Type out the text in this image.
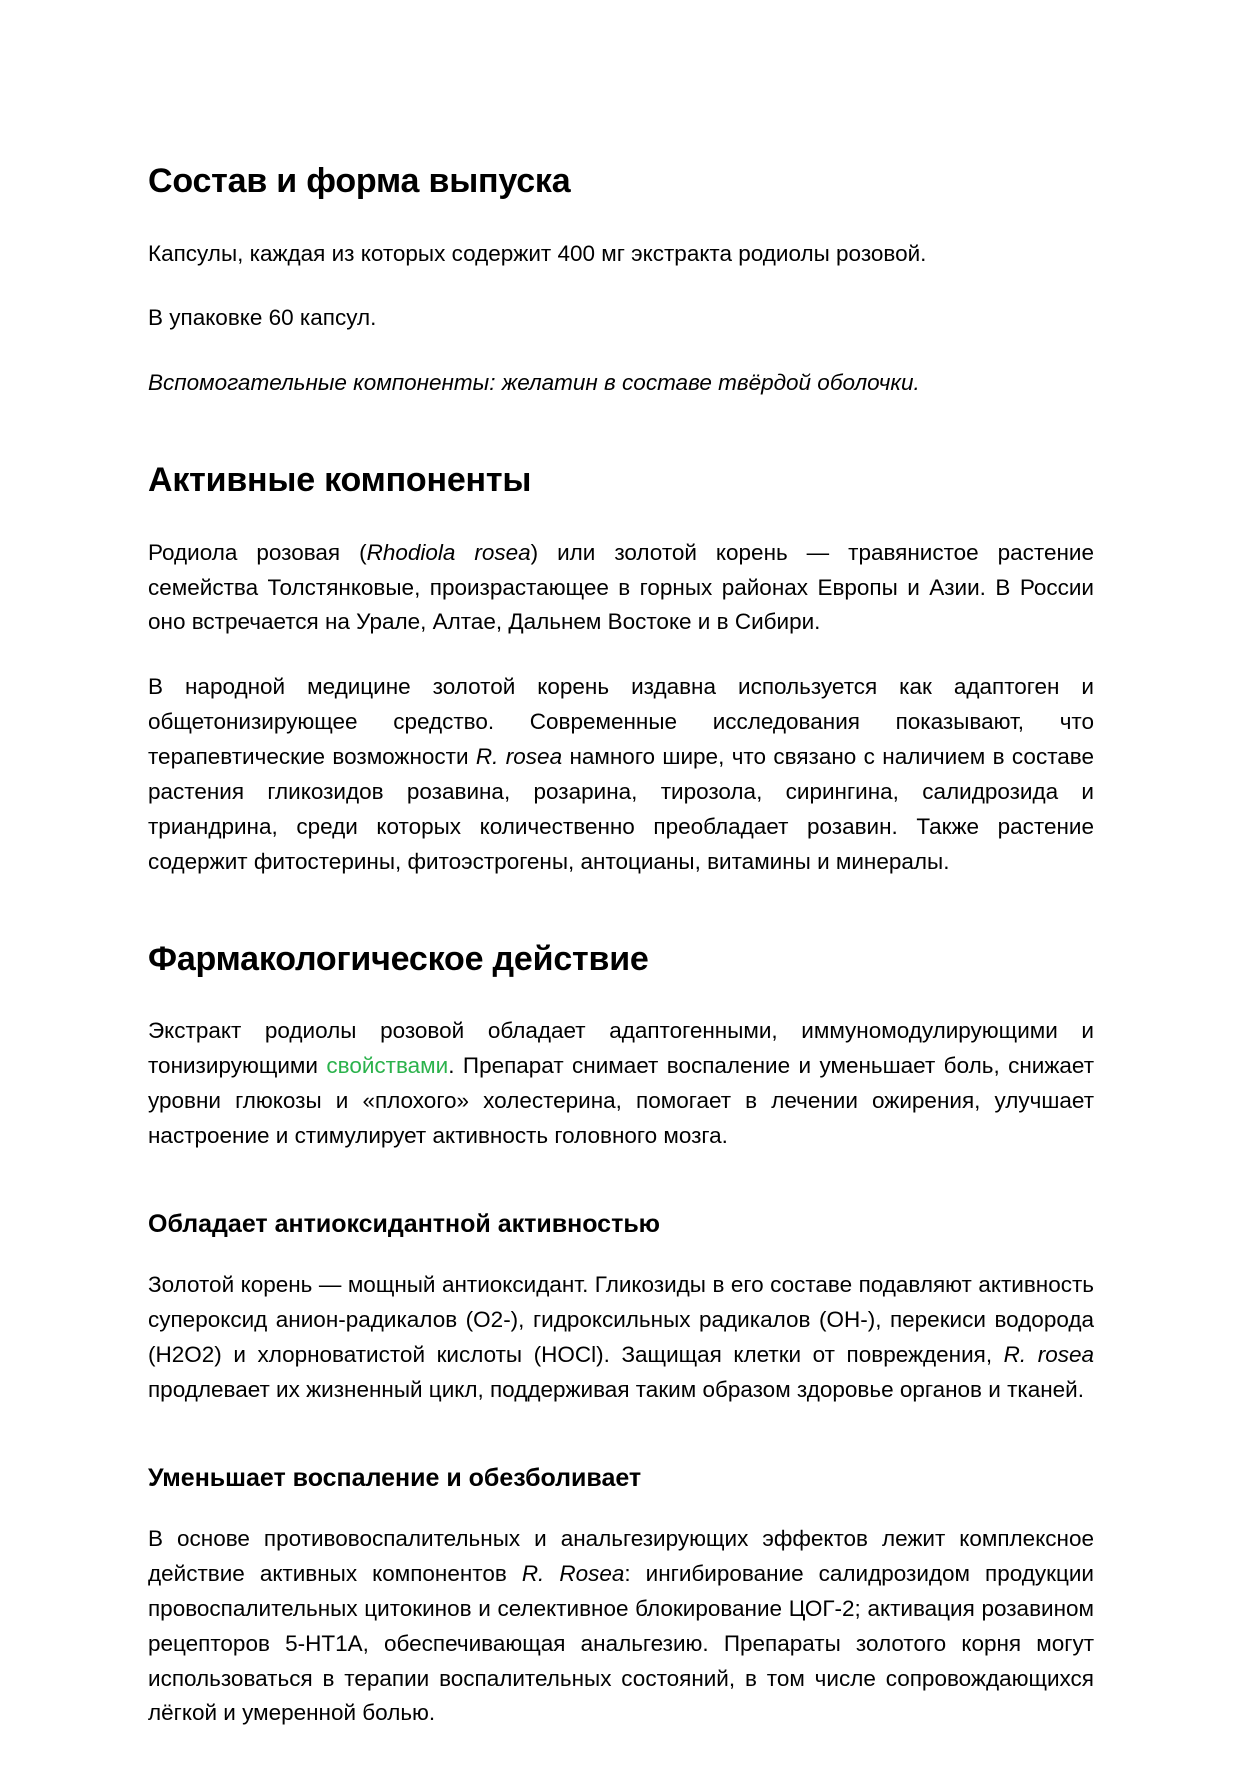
Состав и форма выпуска

Капсулы, каждая из которых содержит 400 мг экстракта родиолы розовой.

В упаковке 60 капсул.

Вспомогательные компоненты: желатин в составе твёрдой оболочки.

Активные компоненты

Родиола розовая (Rhodiola rosea) или золотой корень — травянистое растение семейства Толстянковые, произрастающее в горных районах Европы и Азии. В России оно встречается на Урале, Алтае, Дальнем Востоке и в Сибири.

В народной медицине золотой корень издавна используется как адаптоген и общетонизирующее средство. Современные исследования показывают, что терапевтические возможности R. rosea намного шире, что связано с наличием в составе растения гликозидов розавина, розарина, тирозола, сирингина, салидрозида и триандрина, среди которых количественно преобладает розавин. Также растение содержит фитостерины, фитоэстрогены, антоцианы, витамины и минералы.

Фармакологическое действие

Экстракт родиолы розовой обладает адаптогенными, иммуномодулирующими и тонизирующими свойствами. Препарат снимает воспаление и уменьшает боль, снижает уровни глюкозы и «плохого» холестерина, помогает в лечении ожирения, улучшает настроение и стимулирует активность головного мозга.

Обладает антиоксидантной активностью

Золотой корень — мощный антиоксидант. Гликозиды в его составе подавляют активность супероксид анион-радикалов (O2-), гидроксильных радикалов (OH-), перекиси водорода (H2O2) и хлорноватистой кислоты (HOCl). Защищая клетки от повреждения, R. rosea продлевает их жизненный цикл, поддерживая таким образом здоровье органов и тканей.

Уменьшает воспаление и обезболивает

В основе противовоспалительных и анальгезирующих эффектов лежит комплексное действие активных компонентов R. Rosea: ингибирование салидрозидом продукции провоспалительных цитокинов и селективное блокирование ЦОГ-2; активация розавином рецепторов 5-HT1A, обеспечивающая анальгезию. Препараты золотого корня могут использоваться в терапии воспалительных состояний, в том числе сопровождающихся лёгкой и умеренной болью.
